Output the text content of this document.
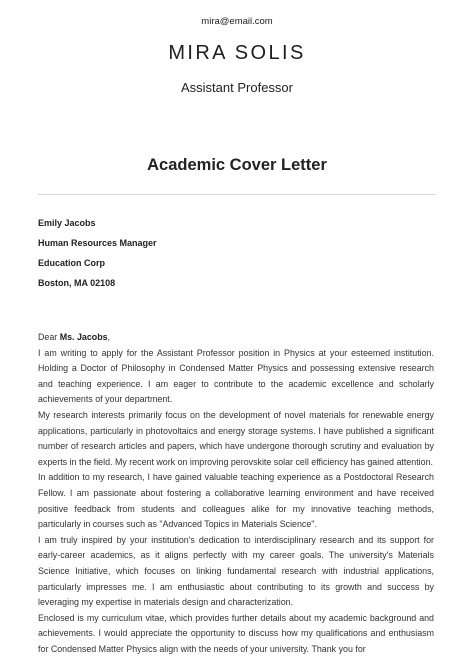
mira@email.com
MIRA SOLIS
Assistant Professor
Academic Cover Letter
Emily Jacobs
Human Resources Manager
Education Corp
Boston, MA 02108

Dear Ms. Jacobs,

I am writing to apply for the Assistant Professor position in Physics at your esteemed institution. Holding a Doctor of Philosophy in Condensed Matter Physics and possessing extensive research and teaching experience. I am eager to contribute to the academic excellence and scholarly achievements of your department.

My research interests primarily focus on the development of novel materials for renewable energy applications, particularly in photovoltaics and energy storage systems. I have published a significant number of research articles and papers, which have undergone thorough scrutiny and evaluation by experts in the field. My recent work on improving perovskite solar cell efficiency has gained attention.

In addition to my research, I have gained valuable teaching experience as a Postdoctoral Research Fellow. I am passionate about fostering a collaborative learning environment and have received positive feedback from students and colleagues alike for my innovative teaching methods, particularly in courses such as "Advanced Topics in Materials Science".

I am truly inspired by your institution's dedication to interdisciplinary research and its support for early-career academics, as it aligns perfectly with my career goals. The university's Materials Science Initiative, which focuses on linking fundamental research with industrial applications, particularly impresses me. I am enthusiastic about contributing to its growth and success by leveraging my expertise in materials design and characterization.

Enclosed is my curriculum vitae, which provides further details about my academic background and achievements. I would appreciate the opportunity to discuss how my qualifications and enthusiasm for Condensed Matter Physics align with the needs of your university. Thank you for
